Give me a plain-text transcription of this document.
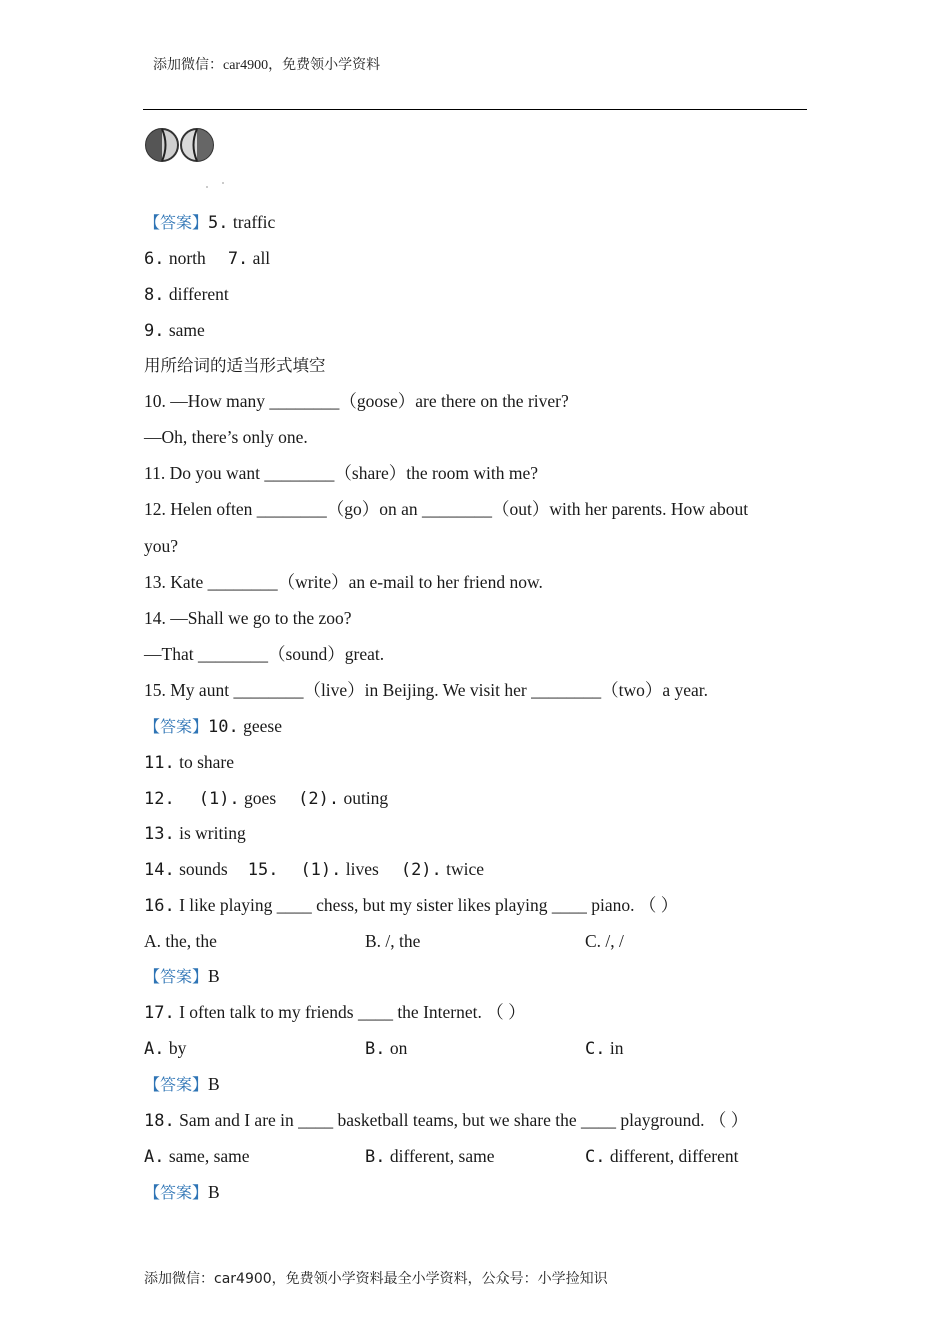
添加微信：car4900，免费领小学资料
【答案】5. traffic
6. north 7. all
8. different
9. same
用所给词的适当形式填空
10. —How many ________（goose）are there on the river?
—Oh, there’s only one.
11. Do you want ________（share）the room with me?
12. Helen often ________（go）on an ________（out）with her parents. How about
you?
13. Kate ________（write）an e-mail to her friend now.
14. —Shall we go to the zoo?
—That ________（sound）great.
15. My aunt ________（live）in Beijing. We visit her ________（two）a year.
【答案】10. geese
11. to share
12. (1). goes (2). outing
13. is writing
14. sounds 15. (1). lives (2). twice
16. I like playing ____ chess, but my sister likes playing ____ piano. （ ）
A. the, the	B. /, the	C. /, /
【答案】B
17. I often talk to my friends ____ the Internet. （ ）
A. by	B. on	C. in
【答案】B
18. Sam and I are in ____ basketball teams, but we share the ____ playground. （ ）
A. same, same	B. different, same	C. different, different
【答案】B
添加微信：car4900，免费领小学资料最全小学资料，公众号：小学捡知识
